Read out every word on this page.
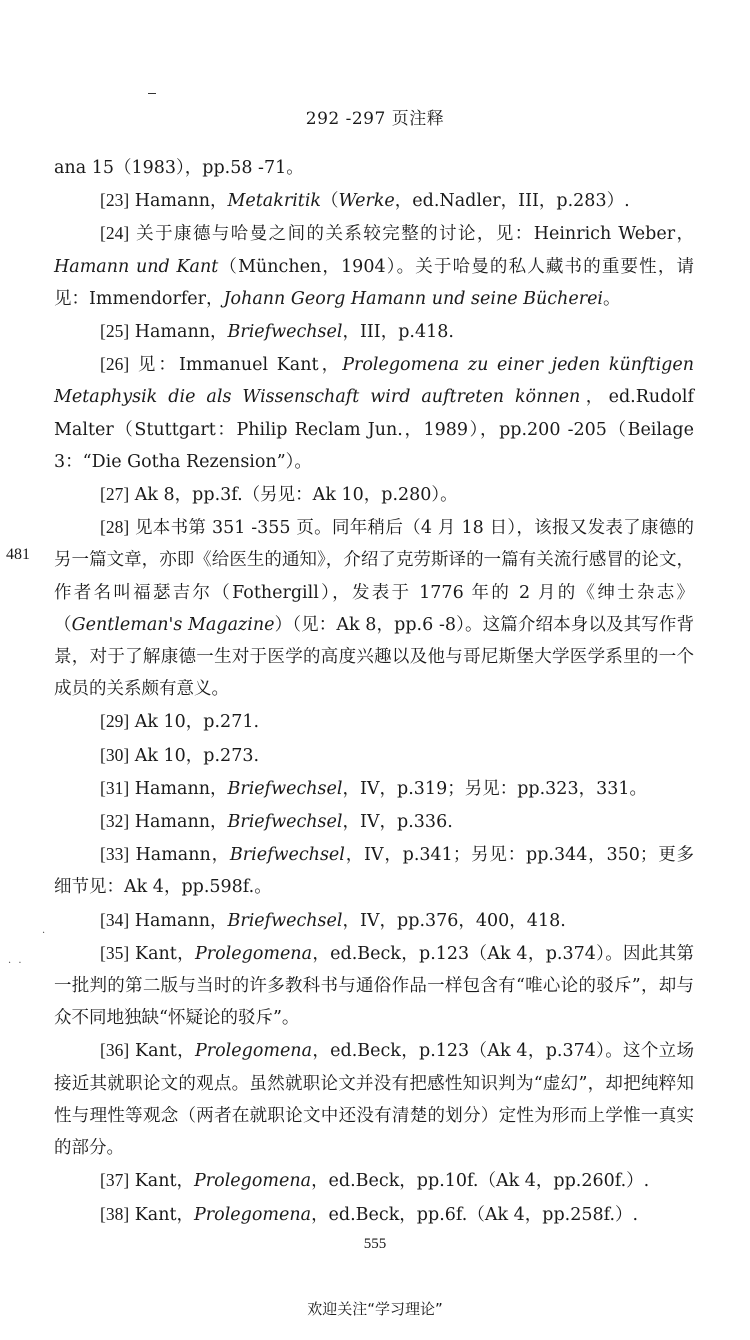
292 -297 页注释
481
·
· ·

ana 15（1983），pp.58 -71。

[23] Hamann，Metakritik（Werke，ed.Nadler，III，p.283）.

[24] 关于康德与哈曼之间的关系较完整的讨论，见：Heinrich Weber，Hamann und Kant（München，1904）。关于哈曼的私人藏书的重要性，请见：Immendorfer，Johann Georg Hamann und seine Bücherei。

[25] Hamann，Briefwechsel，III，p.418.

[26] 见：Immanuel Kant，Prolegomena zu einer jeden künftigen Metaphysik die als Wissenschaft wird auftreten können，ed.Rudolf Malter（Stuttgart：Philip Reclam Jun.，1989），pp.200 -205（Beilage 3：“Die Gotha Rezension”）。

[27] Ak 8，pp.3f.（另见：Ak 10，p.280）。

[28] 见本书第 351 -355 页。同年稍后（4 月 18 日），该报又发表了康德的另一篇文章，亦即《给医生的通知》，介绍了克劳斯译的一篇有关流行感冒的论文，作者名叫福瑟吉尔（Fothergill），发表于 1776 年的 2 月的《绅士杂志》（Gentleman's Magazine）（见：Ak 8，pp.6 -8）。这篇介绍本身以及其写作背景，对于了解康德一生对于医学的高度兴趣以及他与哥尼斯堡大学医学系里的一个成员的关系颇有意义。

[29] Ak 10，p.271.

[30] Ak 10，p.273.

[31] Hamann，Briefwechsel，IV，p.319；另见：pp.323，331。

[32] Hamann，Briefwechsel，IV，p.336.

[33] Hamann，Briefwechsel，IV，p.341；另见：pp.344，350；更多细节见：Ak 4，pp.598f.。

[34] Hamann，Briefwechsel，IV，pp.376，400，418.

[35] Kant，Prolegomena，ed.Beck，p.123（Ak 4，p.374）。因此其第一批判的第二版与当时的许多教科书与通俗作品一样包含有“唯心论的驳斥”，却与众不同地独缺“怀疑论的驳斥”。

[36] Kant，Prolegomena，ed.Beck，p.123（Ak 4，p.374）。这个立场接近其就职论文的观点。虽然就职论文并没有把感性知识判为“虚幻”，却把纯粹知性与理性等观念（两者在就职论文中还没有清楚的划分）定性为形而上学惟一真实的部分。

[37] Kant，Prolegomena，ed.Beck，pp.10f.（Ak 4，pp.260f.）.

[38] Kant，Prolegomena，ed.Beck，pp.6f.（Ak 4，pp.258f.）.

555
欢迎关注“学习理论”
